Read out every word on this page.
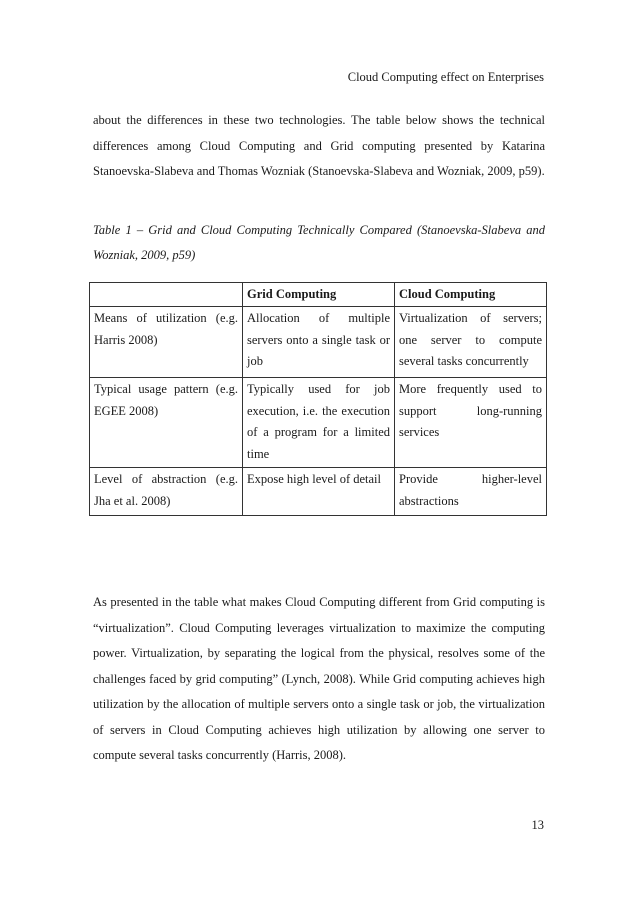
Cloud Computing effect on Enterprises

about the differences in these two technologies. The table below shows the technical differences among Cloud Computing and Grid computing presented by Katarina Stanoevska-Slabeva and Thomas Wozniak (Stanoevska-Slabeva and Wozniak, 2009, p59).

Table 1 – Grid and Cloud Computing Technically Compared (Stanoevska-Slabeva and Wozniak, 2009, p59)

	Grid Computing	Cloud Computing
Means of utilization (e.g. Harris 2008)	Allocation of multiple servers onto a single task or job	Virtualization of servers; one server to compute several tasks concurrently
Typical usage pattern (e.g. EGEE 2008)	Typically used for job execution, i.e. the execution of a program for a limited time	More frequently used to support long-running services
Level of abstraction (e.g. Jha et al. 2008)	Expose high level of detail	Provide higher-level abstractions

As presented in the table what makes Cloud Computing different from Grid computing is “virtualization”. Cloud Computing leverages virtualization to maximize the computing power. Virtualization, by separating the logical from the physical, resolves some of the challenges faced by grid computing” (Lynch, 2008). While Grid computing achieves high utilization by the allocation of multiple servers onto a single task or job, the virtualization of servers in Cloud Computing achieves high utilization by allowing one server to compute several tasks concurrently (Harris, 2008).

13
